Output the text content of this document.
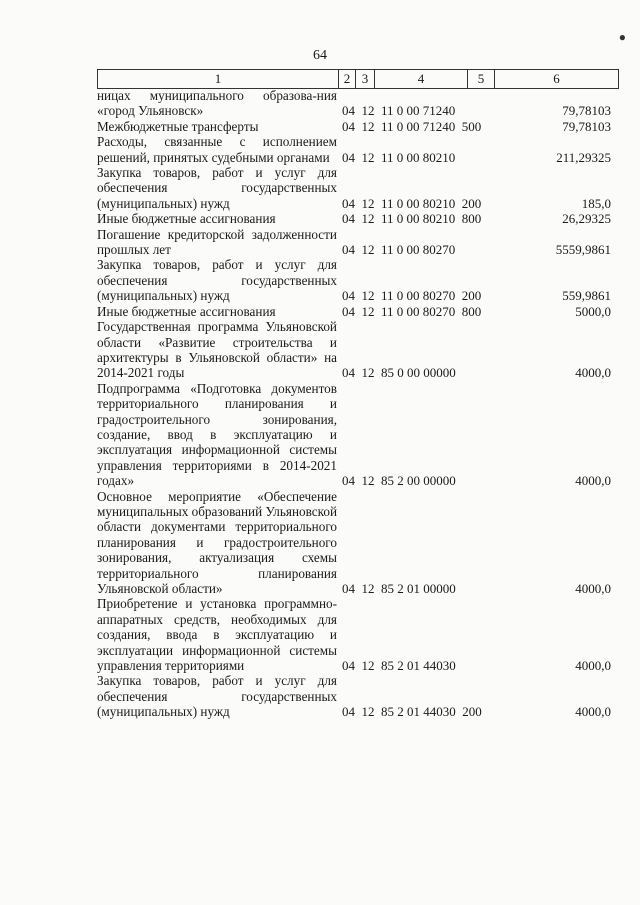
●
64
1	2 3	4	5	6
ницах муниципального образова-ния «город Ульяновск»	04  12  11 0 00 71240	79,78103
Межбюджетные трансферты	04  12  11 0 00 71240  500	79,78103
Расходы, связанные с исполнением решений, принятых судебными органами 04  12  11 0 00 80210	211,29325
Закупка товаров, работ и услуг для обеспечения государственных (муниципальных) нужд	04  12  11 0 00 80210  200	185,0
Иные бюджетные ассигнования	04  12  11 0 00 80210  800	26,29325
Погашение кредиторской задолженности прошлых лет	04  12  11 0 00 80270	5559,9861
Закупка товаров, работ и услуг для обеспечения государственных (муниципальных) нужд	04  12  11 0 00 80270  200	559,9861
Иные бюджетные ассигнования	04  12  11 0 00 80270  800	5000,0
Государственная программа Ульяновской области «Развитие строительства и архитектуры в Ульяновской области» на 2014-2021 годы	04  12  85 0 00 00000	4000,0
Подпрограмма «Подготовка документов территориального планирования и градостроительного зонирования, создание, ввод в эксплуатацию и эксплуатация информационной системы управления территориями в 2014-2021 годах»	04  12  85 2 00 00000	4000,0
Основное мероприятие «Обеспечение муниципальных образований Ульяновской области документами территориального планирования и градостроительного зонирования, актуализация схемы территориального планирования Ульяновской области»	04  12  85 2 01 00000	4000,0
Приобретение и установка программно-аппаратных средств, необходимых для создания, ввода в эксплуатацию и эксплуатации информационной системы управления территориями	04  12  85 2 01 44030	4000,0
Закупка товаров, работ и услуг для обеспечения государственных (муниципальных) нужд	04  12  85 2 01 44030  200	4000,0
